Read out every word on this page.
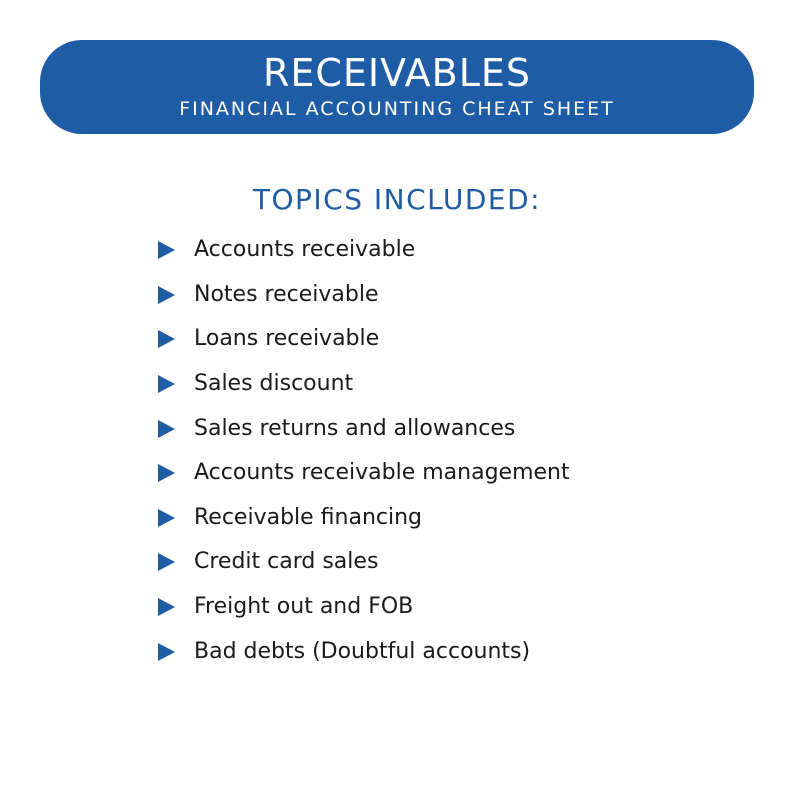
RECEIVABLES
FINANCIAL ACCOUNTING CHEAT SHEET
TOPICS INCLUDED:
Accounts receivable
Notes receivable
Loans receivable
Sales discount
Sales returns and allowances
Accounts receivable management
Receivable financing
Credit card sales
Freight out and FOB
Bad debts (Doubtful accounts)
